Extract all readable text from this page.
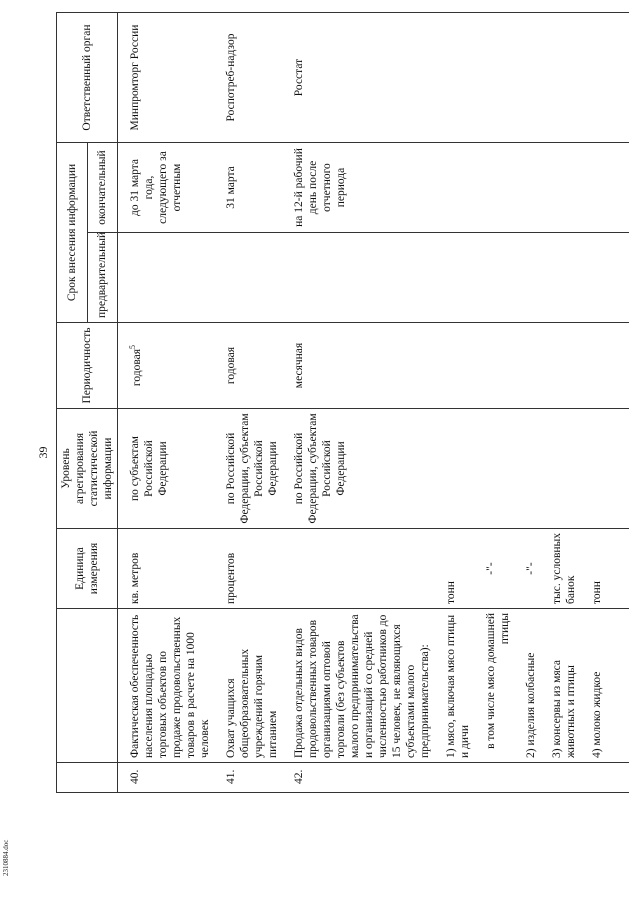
39
		Единица измерения	Уровень агрегирования статистической информации	Периодичность	Срок внесения информации		Ответственный орган
					предварительный	окончательный	
40.	Фактическая обеспеченность населения площадью торговых объектов по продаже продовольственных товаров в расчете на 1000 человек	кв. метров	по субъектам Российской Федерации	годовая$^5$		до 31 марта года, следующего за отчетным	Минпромторг России
41.	Охват учащихся общеобразовательных учреждений горячим питанием	процентов	по Российской Федерации, субъектам Российской Федерации	годовая		31 марта	Роспотреб-надзор
42.	Продажа отдельных видов продовольственных товаров организациями оптовой торговли (без субъектов малого предпринимательства и организаций со средней численностью работников до 15 человек, не являющихся субъектами малого предпринимательства):		по Российской Федерации, субъектам Российской Федерации	месячная		на 12-й рабочий день после отчетного периода	Росстат
	1) мясо, включая мясо птицы и дичи	тонн					
	в том числе мясо домашней птицы	-"-					
	2) изделия колбасные	-"-					
	3) консервы из мяса животных и птицы	тыс. условных банок					
	4) молоко жидкое	тонн					
2310884.doc
